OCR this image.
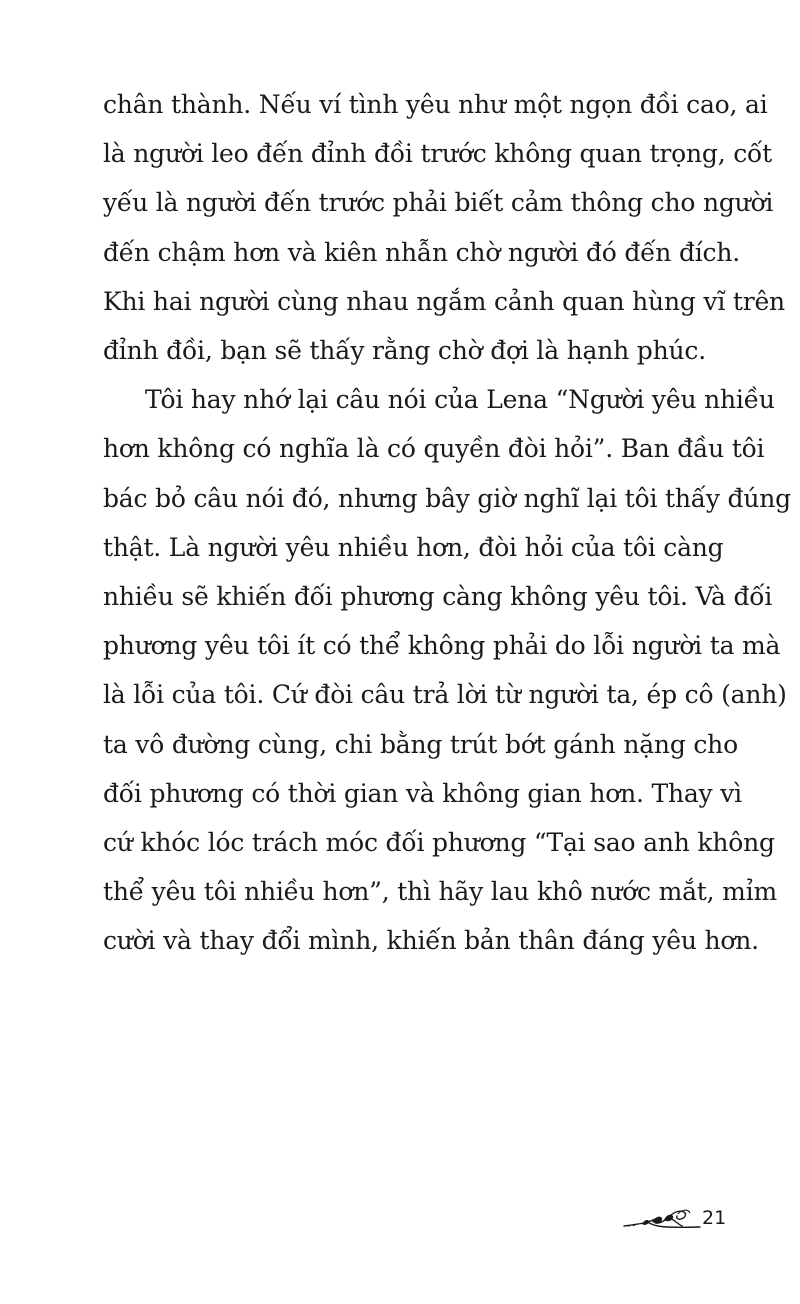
chân thành. Nếu ví tình yêu như một ngọn đồi cao, ai
là người leo đến đỉnh đồi trước không quan trọng, cốt
yếu là người đến trước phải biết cảm thông cho người
đến chậm hơn và kiên nhẫn chờ người đó đến đích.
Khi hai người cùng nhau ngắm cảnh quan hùng vĩ trên
đỉnh đồi, bạn sẽ thấy rằng chờ đợi là hạnh phúc.

Tôi hay nhớ lại câu nói của Lena “Người yêu nhiều
hơn không có nghĩa là có quyền đòi hỏi”. Ban đầu tôi
bác bỏ câu nói đó, nhưng bây giờ nghĩ lại tôi thấy đúng
thật. Là người yêu nhiều hơn, đòi hỏi của tôi càng
nhiều sẽ khiến đối phương càng không yêu tôi. Và đối
phương yêu tôi ít có thể không phải do lỗi người ta mà
là lỗi của tôi. Cứ đòi câu trả lời từ người ta, ép cô (anh)
ta vô đường cùng, chi bằng trút bớt gánh nặng cho
đối phương có thời gian và không gian hơn. Thay vì
cứ khóc lóc trách móc đối phương “Tại sao anh không
thể yêu tôi nhiều hơn”, thì hãy lau khô nước mắt, mỉm
cười và thay đổi mình, khiến bản thân đáng yêu hơn.

21
